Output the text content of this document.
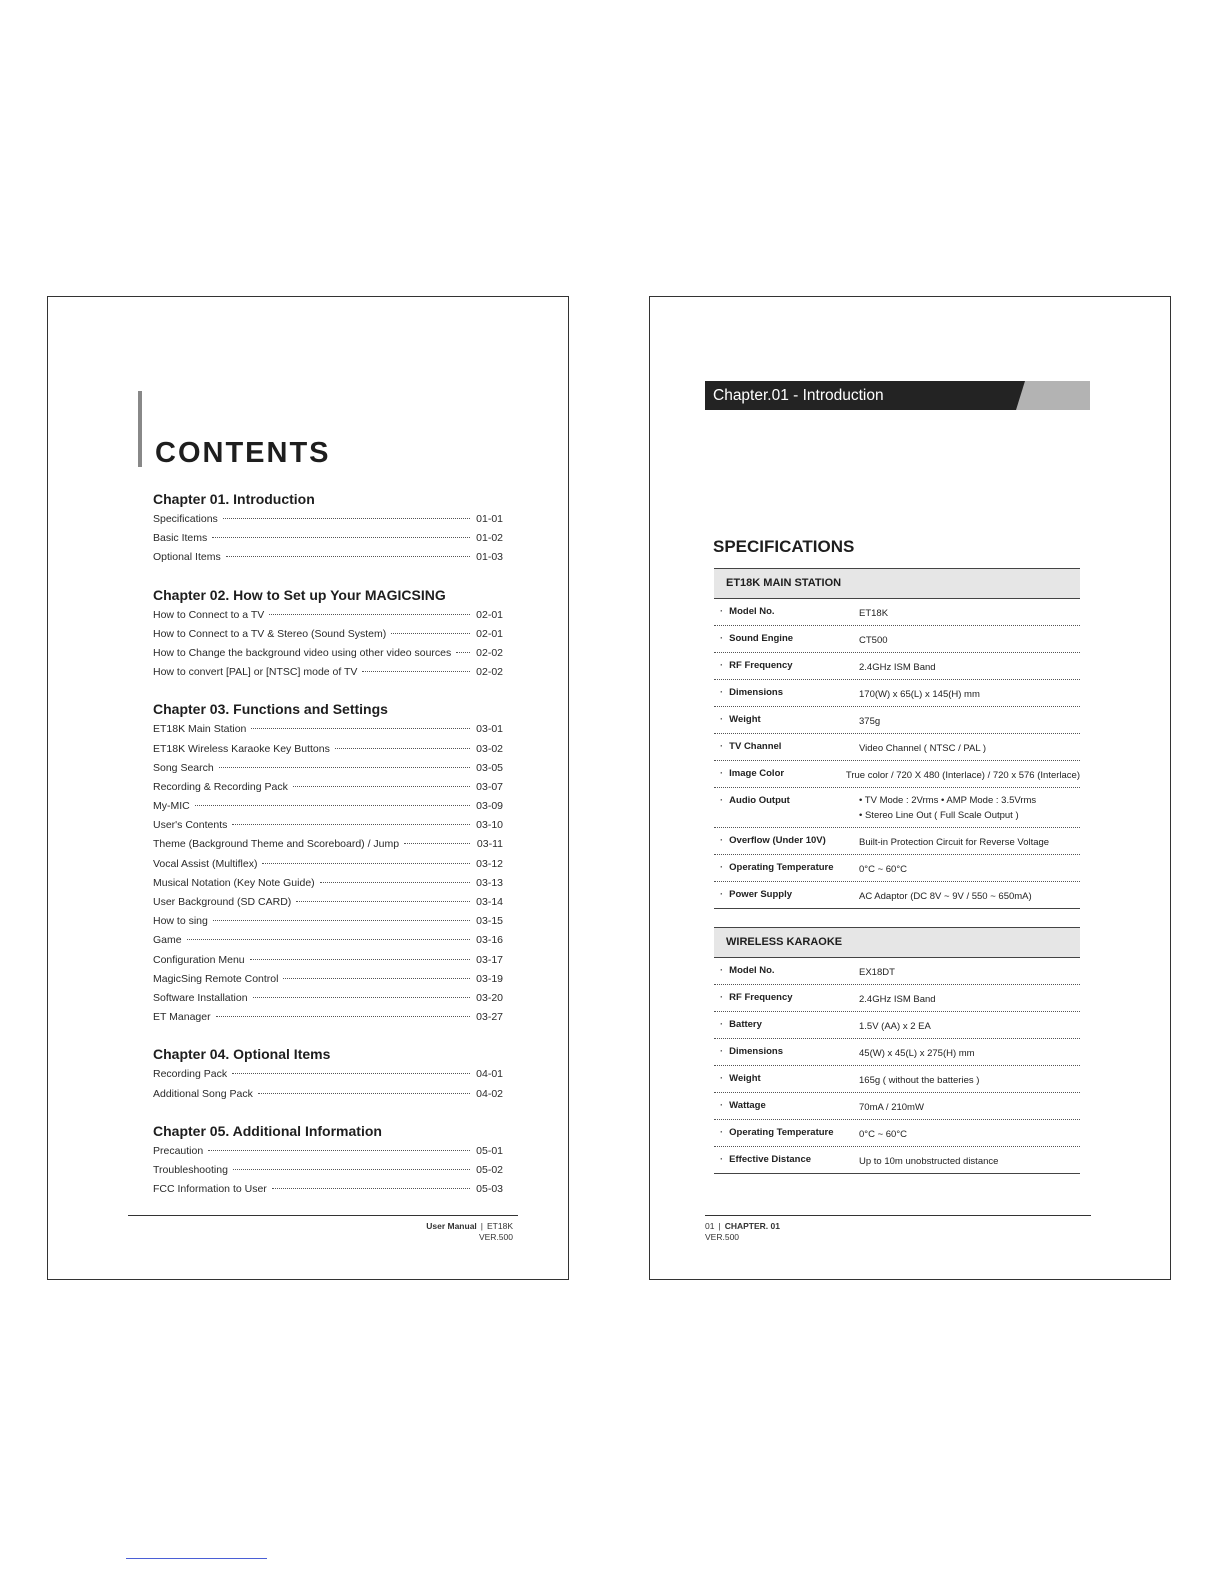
CONTENTS
Chapter 01. Introduction
Specifications	01-01
Basic Items	01-02
Optional Items	01-03
Chapter 02. How to Set up Your MAGICSING
How to Connect to a TV	02-01
How to Connect to a TV & Stereo (Sound System)	02-01
How to Change the background video using other video sources 02-02
How to convert [PAL] or [NTSC] mode of TV	02-02
Chapter 03. Functions and Settings
ET18K Main Station	03-01
ET18K Wireless Karaoke Key Buttons	03-02
Song Search	03-05
Recording & Recording Pack	03-07
My-MIC	03-09
User's Contents	03-10
Theme (Background Theme and Scoreboard) / Jump	03-11
Vocal Assist (Multiflex)	03-12
Musical Notation (Key Note Guide)	03-13
User Background (SD CARD)	03-14
How to sing	03-15
Game	03-16
Configuration Menu	03-17
MagicSing Remote Control	03-19
Software Installation	03-20
ET Manager	03-27
Chapter 04. Optional Items
Recording Pack	04-01
Additional Song Pack	04-02
Chapter 05. Additional Information
Precaution	05-01
Troubleshooting	05-02
FCC Information to User	05-03
User Manual | ET18K
VER.500
Chapter.01 - Introduction
SPECIFICATIONS
ET18K MAIN STATION
· Model No.	ET18K
· Sound Engine	CT500
· RF Frequency	2.4GHz ISM Band
· Dimensions	170(W) x 65(L) x 145(H) mm
· Weight	375g
· TV Channel	Video Channel ( NTSC / PAL )
· Image Color	True color / 720 X 480 (Interlace) / 720 x 576 (Interlace)
· Audio Output	• TV Mode : 2Vrms • AMP Mode : 3.5Vrms
• Stereo Line Out ( Full Scale Output )
· Overflow (Under 10V)	Built-in Protection Circuit for Reverse Voltage
· Operating Temperature	0°C ~ 60°C
· Power Supply	AC Adaptor (DC 8V ~ 9V / 550 ~ 650mA)
WIRELESS KARAOKE
· Model No.	EX18DT
· RF Frequency	2.4GHz ISM Band
· Battery	1.5V (AA) x 2 EA
· Dimensions	45(W) x 45(L) x 275(H) mm
· Weight	165g ( without the batteries )
· Wattage	70mA / 210mW
· Operating Temperature	0°C ~ 60°C
· Effective Distance	Up to 10m unobstructed distance
01 | CHAPTER. 01
VER.500
